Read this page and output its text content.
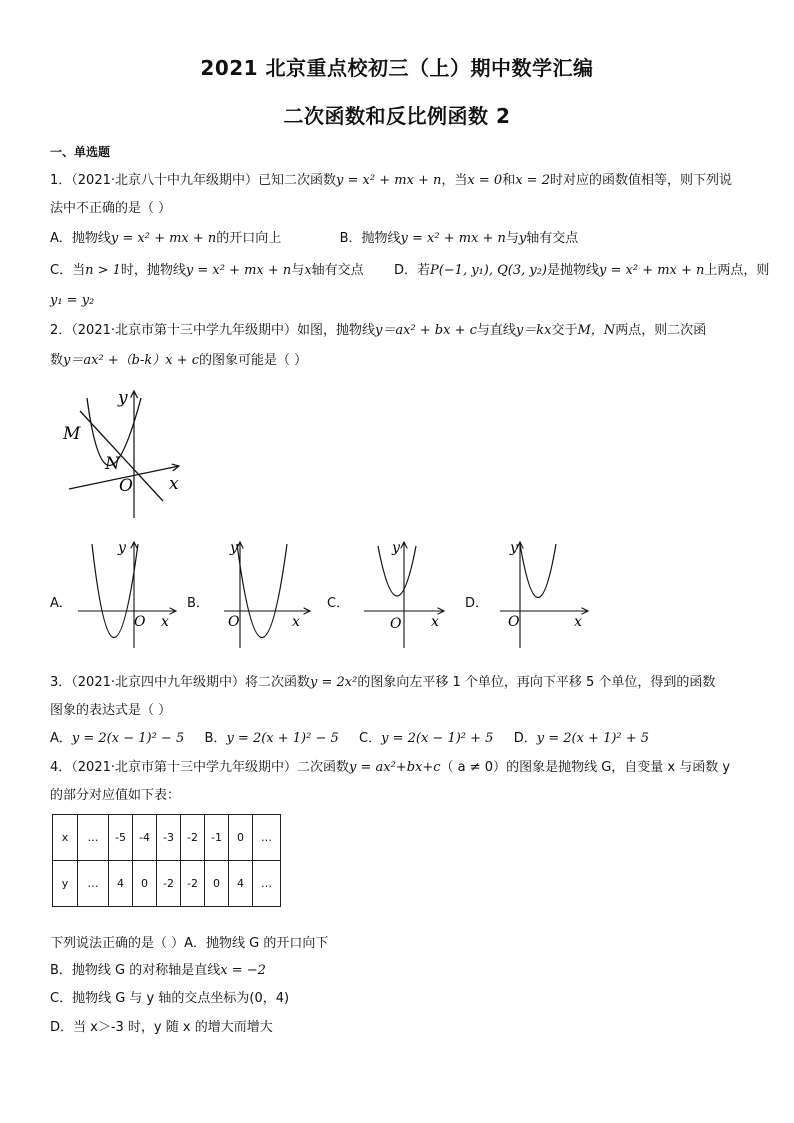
2021 北京重点校初三（上）期中数学汇编
二次函数和反比例函数 2
一、单选题
1．（2021·北京八十中九年级期中）已知二次函数y = x² + mx + n，当x = 0和x = 2时对应的函数值相等，则下列说
法中不正确的是（ ）
A．抛物线y = x² + mx + n的开口向上	B．抛物线y = x² + mx + n与y轴有交点
C．当n > 1时，抛物线y = x² + mx + n与x轴有交点 D．若P(−1, y₁), Q(3, y₂)是抛物线y = x² + mx + n上两点，则
y₁ = y₂
2．（2021·北京市第十三中学九年级期中）如图，抛物线y＝ax² + bx + c与直线y＝kx交于M，N两点，则二次函
数y＝ax² +（b-k）x + c的图象可能是（ ）
y
x
M
N
O
A．	B．	C．	D．
y
O x
y
O	x
y
O x
y
O	x
3．（2021·北京四中九年级期中）将二次函数y = 2x²的图象向左平移 1 个单位，再向下平移 5 个单位，得到的函数
图象的表达式是（ ）
A．y = 2(x − 1)² − 5 B．y = 2(x + 1)² − 5 C．y = 2(x − 1)² + 5 D．y = 2(x + 1)² + 5
4．（2021·北京市第十三中学九年级期中）二次函数y = ax²+bx+c（ a ≠ 0）的图象是抛物线 G，自变量 x 与函数 y
的部分对应值如下表：
x	…	-5	-4	-3	-2	-1	0	…
y	…	4	0	-2	-2	0	4	…
下列说法正确的是（ ）A．抛物线 G 的开口向下
B．抛物线 G 的对称轴是直线x = −2
C．抛物线 G 与 y 轴的交点坐标为(0，4)
D．当 x＞-3 时，y 随 x 的增大而增大
